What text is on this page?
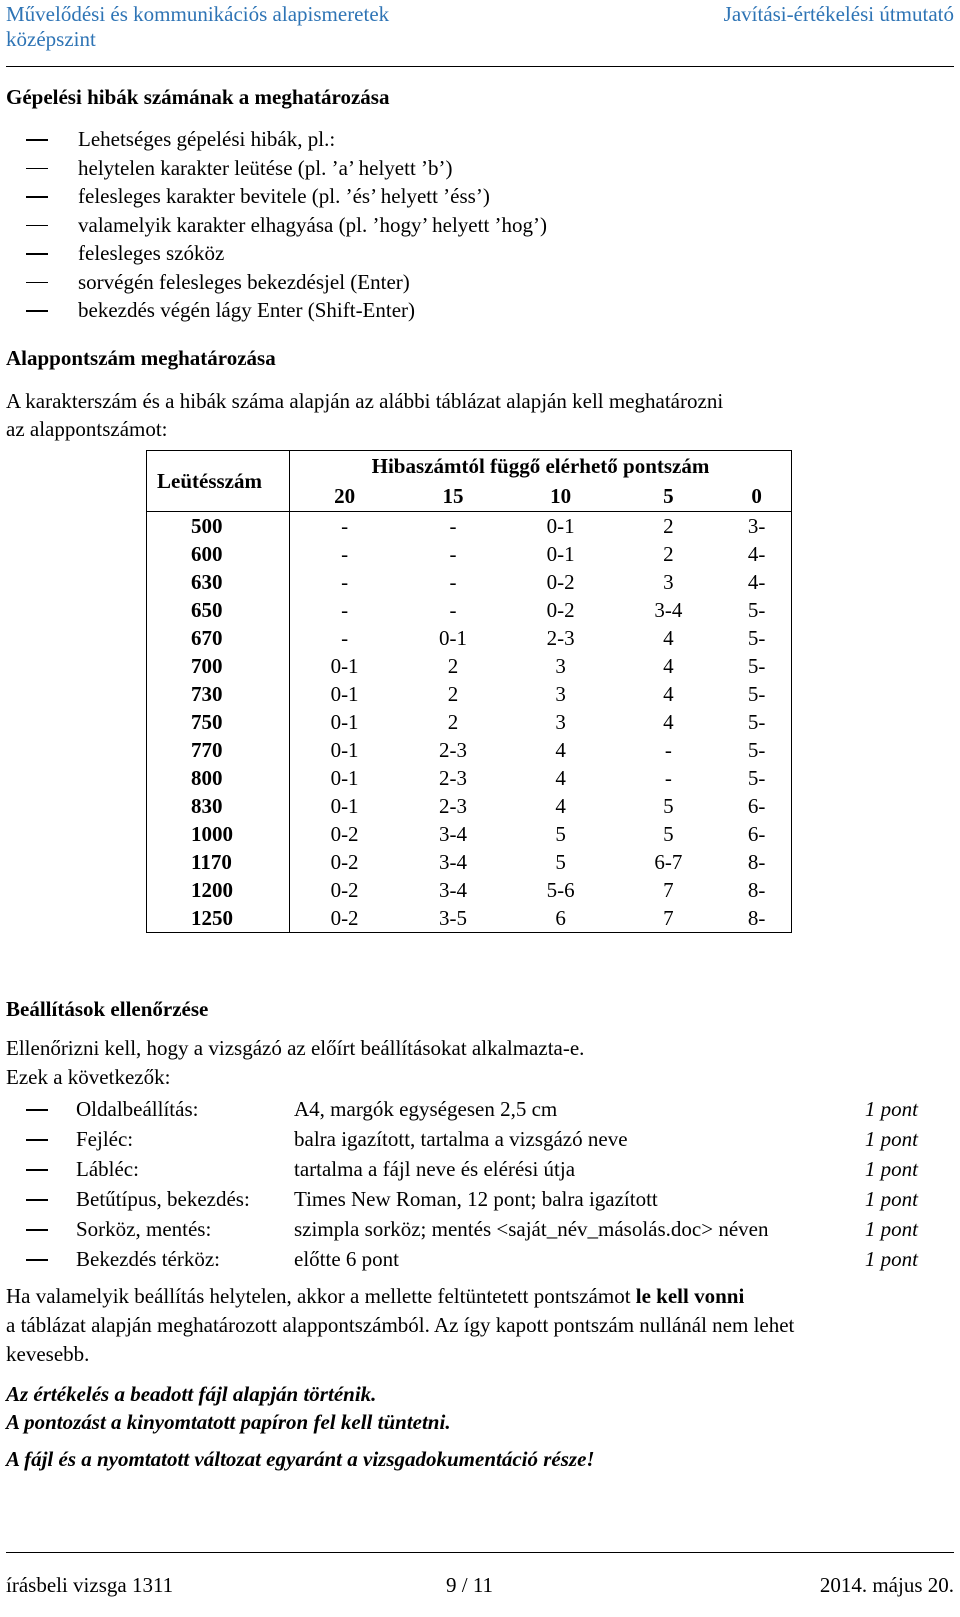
Művelődési és kommunikációs alapismeretek
középszint
Javítási-értékelési útmutató
Gépelési hibák számának a meghatározása
Lehetséges gépelési hibák, pl.:
helytelen karakter leütése (pl. ’a’ helyett ’b’)
felesleges karakter bevitele (pl. ’és’ helyett ’éss’)
valamelyik karakter elhagyása (pl. ’hogy’ helyett ’hog’)
felesleges szóköz
sorvégén felesleges bekezdésjel (Enter)
bekezdés végén lágy Enter (Shift-Enter)
Alappontszám meghatározása
A karakterszám és a hibák száma alapján az alábbi táblázat alapján kell meghatározni
az alappontszámot:
Leütésszám	Hibaszámtól függő elérhető pontszám				
	20	15	10	5	0
500	-	-	0-1	2	3-
600	-	-	0-1	2	4-
630	-	-	0-2	3	4-
650	-	-	0-2	3-4	5-
670	-	0-1	2-3	4	5-
700	0-1	2	3	4	5-
730	0-1	2	3	4	5-
750	0-1	2	3	4	5-
770	0-1	2-3	4	-	5-
800	0-1	2-3	4	-	5-
830	0-1	2-3	4	5	6-
1000	0-2	3-4	5	5	6-
1170	0-2	3-4	5	6-7	8-
1200	0-2	3-4	5-6	7	8-
1250	0-2	3-5	6	7	8-
Beállítások ellenőrzése
Ellenőrizni kell, hogy a vizsgázó az előírt beállításokat alkalmazta-e.
Ezek a következők:
Oldalbeállítás:	A4, margók egységesen 2,5 cm	1 pont
Fejléc:	balra igazított, tartalma a vizsgázó neve	1 pont
Lábléc:	tartalma a fájl neve és elérési útja	1 pont
Betűtípus, bekezdés: Times New Roman, 12 pont; balra igazított	1 pont
Sorköz, mentés:	szimpla sorköz; mentés <saját_név_másolás.doc> néven	1 pont
Bekezdés térköz:	előtte 6 pont	1 pont
Ha valamelyik beállítás helytelen, akkor a mellette feltüntetett pontszámot le kell vonni
a táblázat alapján meghatározott alappontszámból. Az így kapott pontszám nullánál nem lehet
kevesebb.
Az értékelés a beadott fájl alapján történik.
A pontozást a kinyomtatott papíron fel kell tüntetni.
A fájl és a nyomtatott változat egyaránt a vizsgadokumentáció része!
írásbeli vizsga 1311	9 / 11	2014. május 20.
